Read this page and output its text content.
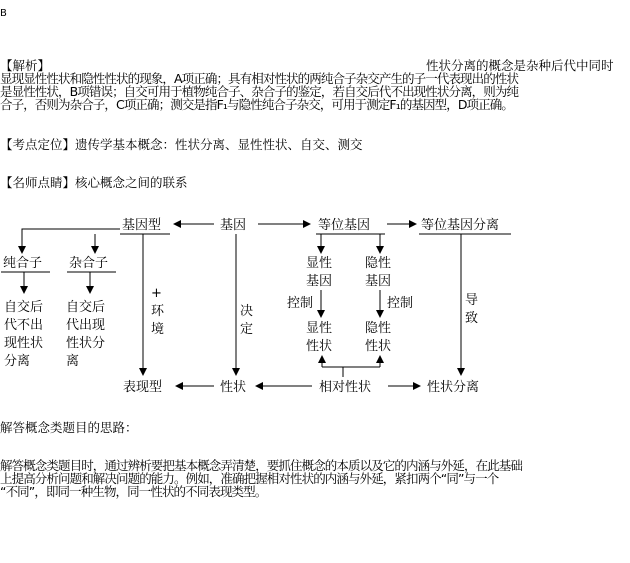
B
【解析】	性状分离的概念是杂种后代中同时
显现显性性状和隐性性状的现象，A项正确；具有相对性状的两纯合子杂交产生的子一代表现出的性状
是显性性状，B项错误；自交可用于植物纯合子、杂合子的鉴定，若自交后代不出现性状分离，则为纯
合子，否则为杂合子，C项正确；测交是指F₁与隐性纯合子杂交，可用于测定F₁的基因型，D项正确。
【考点定位】遗传学基本概念：性状分离、显性性状、自交、测交
【名师点睛】核心概念之间的联系
基因型	基因	等位基因	等位基因分离
纯合子 杂合子
自交后
代不出
现性状
分离
自交后
代出现
性状分
离
+
环
境
决
定
显性
基因
隐性
基因
控制	控制
显性
性状
隐性
性状
导
致
表现型	性状	相对性状	性状分离
解答概念类题目的思路：
解答概念类题目时，通过辨析要把基本概念弄清楚，要抓住概念的本质以及它的内涵与外延，在此基础
上提高分析问题和解决问题的能力。例如，准确把握相对性状的内涵与外延，紧扣两个“同”与一个
“不同”，即同一种生物，同一性状的不同表现类型。
